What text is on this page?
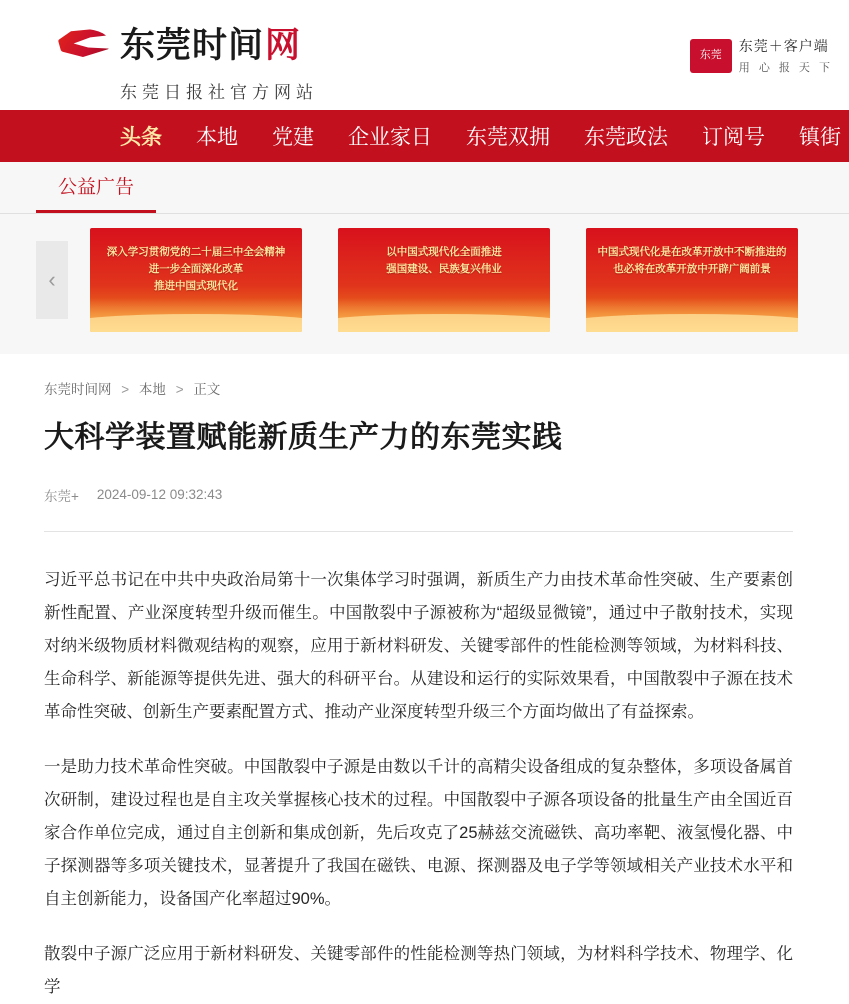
东莞时间 网
东莞日报社官方网站
东莞
东莞＋客户端
用 心 报 天 下
头条 本地 党建 企业家日 东莞双拥 东莞政法 订阅号 镇街
公益广告
‹
深入学习贯彻党的二十届三中全会精神
进一步全面深化改革
推进中国式现代化
以中国式现代化全面推进
强国建设、民族复兴伟业
中国式现代化是在改革开放中不断推进的
也必将在改革开放中开辟广阔前景
东莞时间网 > 本地 > 正文
大科学装置赋能新质生产力的东莞实践
东莞+ 2024-09-12 09:32:43

习近平总书记在中共中央政治局第十一次集体学习时强调，新质生产力由技术革命性突破、生产要素创新性配置、产业深度转型升级而催生。中国散裂中子源被称为“超级显微镜”，通过中子散射技术，实现对纳米级物质材料微观结构的观察，应用于新材料研发、关键零部件的性能检测等领域，为材料科技、生命科学、新能源等提供先进、强大的科研平台。从建设和运行的实际效果看，中国散裂中子源在技术革命性突破、创新生产要素配置方式、推动产业深度转型升级三个方面均做出了有益探索。

一是助力技术革命性突破。中国散裂中子源是由数以千计的高精尖设备组成的复杂整体，多项设备属首次研制，建设过程也是自主攻关掌握核心技术的过程。中国散裂中子源各项设备的批量生产由全国近百家合作单位完成，通过自主创新和集成创新，先后攻克了25赫兹交流磁铁、高功率靶、液氢慢化器、中子探测器等多项关键技术，显著提升了我国在磁铁、电源、探测器及电子学等领域相关产业技术水平和自主创新能力，设备国产化率超过90%。

散裂中子源广泛应用于新材料研发、关键零部件的性能检测等热门领域，为材料科学技术、物理学、化学
